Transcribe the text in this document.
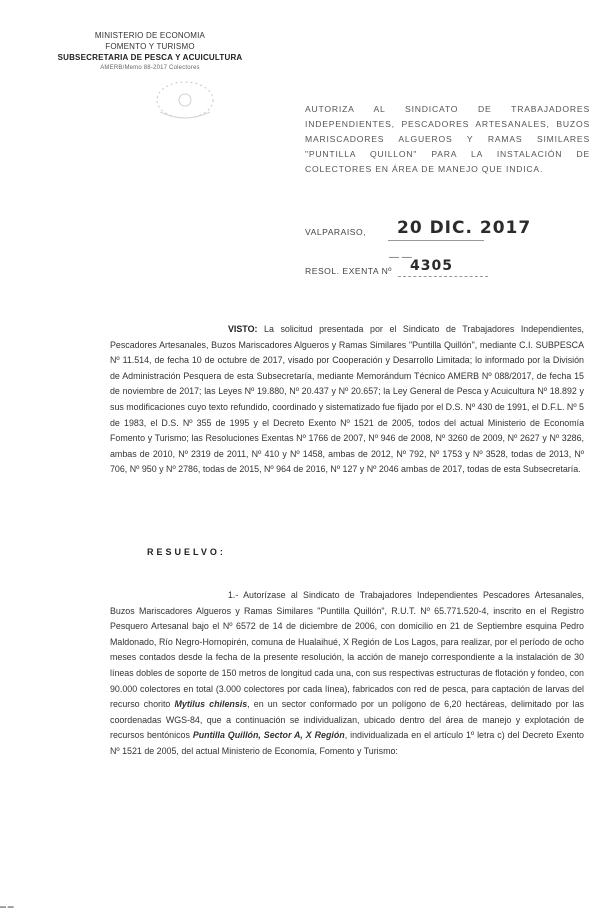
MINISTERIO DE ECONOMIA
FOMENTO Y TURISMO
SUBSECRETARIA DE PESCA Y ACUICULTURA
AMERB/Memo 88-2017 Colectores
AUTORIZA AL SINDICATO DE TRABAJADORES INDEPENDIENTES, PESCADORES ARTESANALES, BUZOS MARISCADORES ALGUEROS Y RAMAS SIMILARES "PUNTILLA QUILLON" PARA LA INSTALACIÓN DE COLECTORES EN ÁREA DE MANEJO QUE INDICA.
VALPARAISO, 20 DIC. 2017
— —
RESOL. EXENTA Nº 4305
VISTO: La solicitud presentada por el Sindicato de Trabajadores Independientes, Pescadores Artesanales, Buzos Mariscadores Algueros y Ramas Similares "Puntilla Quillón", mediante C.I. SUBPESCA Nº 11.514, de fecha 10 de octubre de 2017, visado por Cooperación y Desarrollo Limitada; lo informado por la División de Administración Pesquera de esta Subsecretaría, mediante Memorándum Técnico AMERB Nº 088/2017, de fecha 15 de noviembre de 2017; las Leyes Nº 19.880, Nº 20.437 y Nº 20.657; la Ley General de Pesca y Acuicultura Nº 18.892 y sus modificaciones cuyo texto refundido, coordinado y sistematizado fue fijado por el D.S. Nº 430 de 1991, el D.F.L. Nº 5 de 1983, el D.S. Nº 355 de 1995 y el Decreto Exento Nº 1521 de 2005, todos del actual Ministerio de Economía Fomento y Turismo; las Resoluciones Exentas Nº 1766 de 2007, Nº 946 de 2008, Nº 3260 de 2009, Nº 2627 y Nº 3286, ambas de 2010, Nº 2319 de 2011, Nº 410 y Nº 1458, ambas de 2012, Nº 792, Nº 1753 y Nº 3528, todas de 2013, Nº 706, Nº 950 y Nº 2786, todas de 2015, Nº 964 de 2016, Nº 127 y Nº 2046 ambas de 2017, todas de esta Subsecretaría.
RESUELVO:
1.- Autorízase al Sindicato de Trabajadores Independientes Pescadores Artesanales, Buzos Mariscadores Algueros y Ramas Similares "Puntilla Quillón", R.U.T. Nº 65.771.520-4, inscrito en el Registro Pesquero Artesanal bajo el Nº 6572 de 14 de diciembre de 2006, con domicilio en 21 de Septiembre esquina Pedro Maldonado, Río Negro-Hornopirén, comuna de Hualaihué, X Región de Los Lagos, para realizar, por el período de ocho meses contados desde la fecha de la presente resolución, la acción de manejo correspondiente a la instalación de 30 líneas dobles de soporte de 150 metros de longitud cada una, con sus respectivas estructuras de flotación y fondeo, con 90.000 colectores en total (3.000 colectores por cada línea), fabricados con red de pesca, para captación de larvas del recurso chorito Mytilus chilensis, en un sector conformado por un polígono de 6,20 hectáreas, delimitado por las coordenadas WGS-84, que a continuación se individualizan, ubicado dentro del área de manejo y explotación de recursos bentónicos Puntilla Quillón, Sector A, X Región, individualizada en el artículo 1º letra c) del Decreto Exento Nº 1521 de 2005, del actual Ministerio de Economía, Fomento y Turismo:
▬ ▬
